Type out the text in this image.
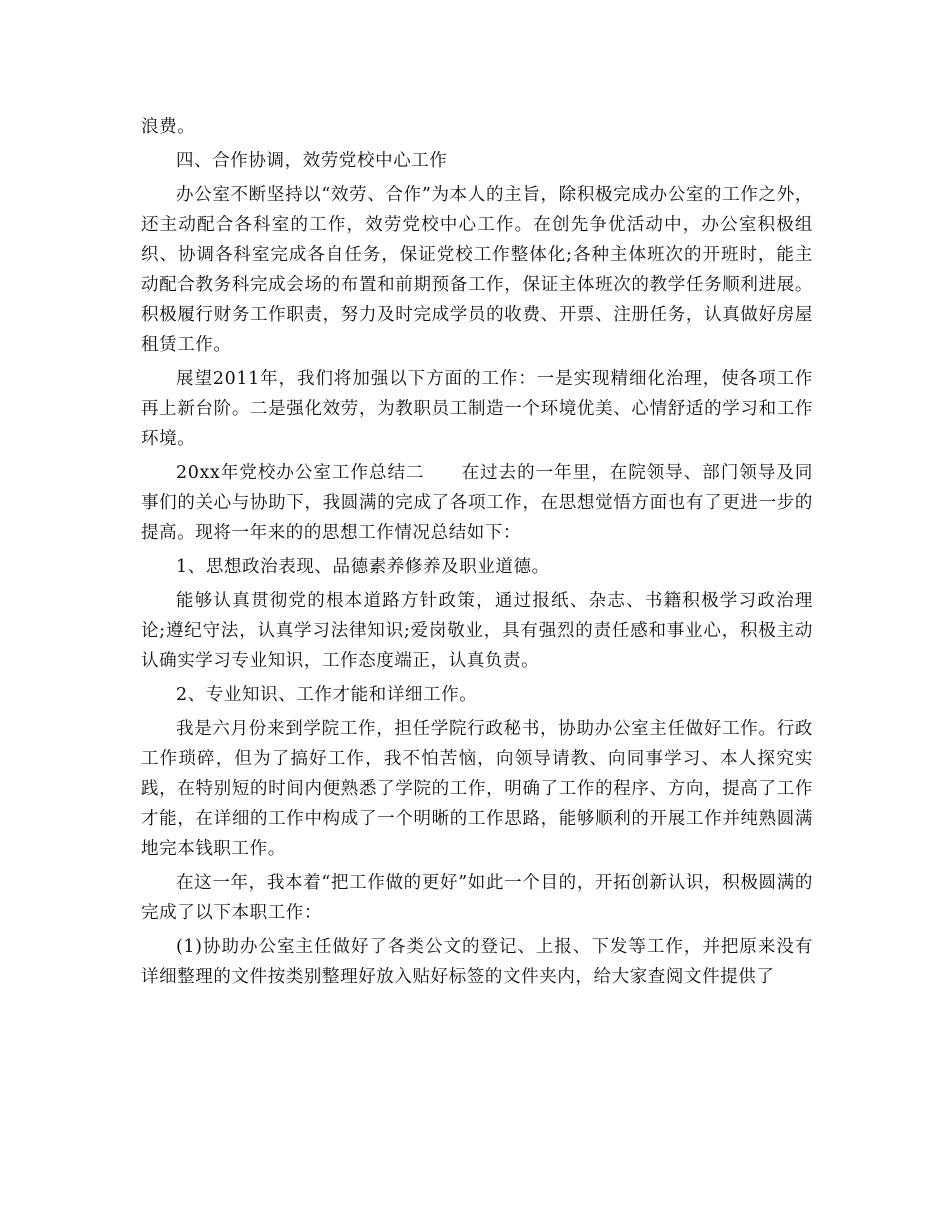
浪费。

四、合作协调，效劳党校中心工作

办公室不断坚持以“效劳、合作”为本人的主旨，除积极完成办公室的工作之外，还主动配合各科室的工作，效劳党校中心工作。在创先争优活动中，办公室积极组织、协调各科室完成各自任务，保证党校工作整体化;各种主体班次的开班时，能主动配合教务科完成会场的布置和前期预备工作，保证主体班次的教学任务顺利进展。积极履行财务工作职责，努力及时完成学员的收费、开票、注册任务，认真做好房屋租赁工作。

展望2011年，我们将加强以下方面的工作：一是实现精细化治理，使各项工作再上新台阶。二是强化效劳，为教职员工制造一个环境优美、心情舒适的学习和工作环境。

20xx年党校办公室工作总结二　　在过去的一年里，在院领导、部门领导及同事们的关心与协助下，我圆满的完成了各项工作，在思想觉悟方面也有了更进一步的提高。现将一年来的的思想工作情况总结如下：

1、思想政治表现、品德素养修养及职业道德。

能够认真贯彻党的根本道路方针政策，通过报纸、杂志、书籍积极学习政治理论;遵纪守法，认真学习法律知识;爱岗敬业，具有强烈的责任感和事业心，积极主动认确实学习专业知识，工作态度端正，认真负责。

2、专业知识、工作才能和详细工作。

我是六月份来到学院工作，担任学院行政秘书，协助办公室主任做好工作。行政工作琐碎，但为了搞好工作，我不怕苦恼，向领导请教、向同事学习、本人探究实践，在特别短的时间内便熟悉了学院的工作，明确了工作的程序、方向，提高了工作才能，在详细的工作中构成了一个明晰的工作思路，能够顺利的开展工作并纯熟圆满地完本钱职工作。

在这一年，我本着“把工作做的更好”如此一个目的，开拓创新认识，积极圆满的完成了以下本职工作：

(1)协助办公室主任做好了各类公文的登记、上报、下发等工作，并把原来没有详细整理的文件按类别整理好放入贴好标签的文件夹内，给大家查阅文件提供了
